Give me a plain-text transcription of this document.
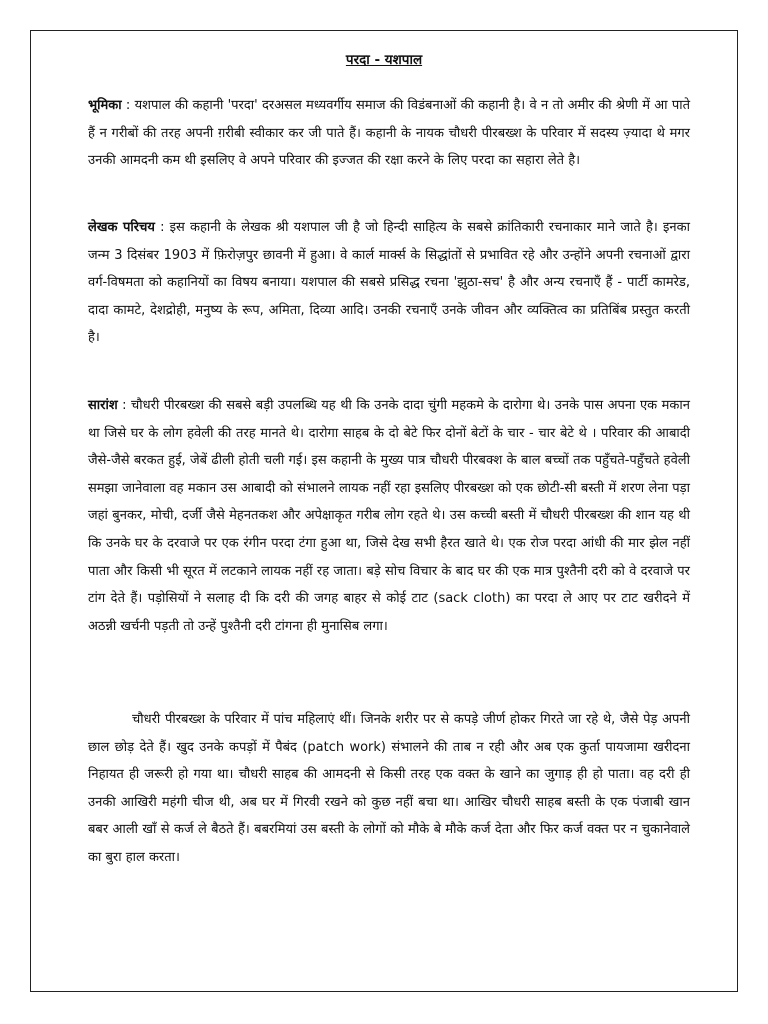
परदा - यशपाल

भूमिका : यशपाल की कहानी 'परदा' दरअसल मध्यवर्गीय समाज की विडंबनाओं की कहानी है। वे न तो अमीर की श्रेणी में आ पाते हैं न गरीबों की तरह अपनी ग़रीबी स्वीकार कर जी पाते हैं। कहानी के नायक चौधरी पीरबख्श के परिवार में सदस्य ज़्यादा थे मगर उनकी आमदनी कम थी इसलिए वे अपने परिवार की इज्जत की रक्षा करने के लिए परदा का सहारा लेते है।

लेखक परिचय : इस कहानी के लेखक श्री यशपाल जी है जो हिन्दी साहित्य के सबसे क्रांतिकारी रचनाकार माने जाते है। इनका जन्म 3 दिसंबर 1903 में फ़िरोज़पुर छावनी में हुआ। वे कार्ल मार्क्स के सिद्धांतों से प्रभावित रहे और उन्होंने अपनी रचनाओं द्वारा वर्ग-विषमता को कहानियों का विषय बनाया। यशपाल की सबसे प्रसिद्ध रचना 'झुठा-सच' है और अन्य रचनाएँ हैं - पार्टी कामरेड, दादा कामटे, देशद्रोही, मनुष्य के रूप, अमिता, दिव्या आदि। उनकी रचनाएँ उनके जीवन और व्यक्तित्व का प्रतिबिंब प्रस्तुत करती है।

सारांश : चौधरी पीरबख्श की सबसे बड़ी उपलब्धि यह थी कि उनके दादा चुंगी महकमे के दारोगा थे। उनके पास अपना एक मकान था जिसे घर के लोग हवेली की तरह मानते थे। दारोगा साहब के दो बेटे फिर दोनों बेटों के चार - चार बेटे थे । परिवार की आबादी जैसे-जैसे बरकत हुई, जेबें ढीली होती चली गई। इस कहानी के मुख्य पात्र चौधरी पीरबक्श के बाल बच्चों तक पहुँचते-पहुँचते हवेली समझा जानेवाला वह मकान उस आबादी को संभालने लायक नहीं रहा इसलिए पीरबख्श को एक छोटी-सी बस्ती में शरण लेना पड़ा जहां बुनकर, मोची, दर्जी जैसे मेहनतकश और अपेक्षाकृत गरीब लोग रहते थे। उस कच्ची बस्ती में चौधरी पीरबख्श की शान यह थी कि उनके घर के दरवाजे पर एक रंगीन परदा टंगा हुआ था, जिसे देख सभी हैरत खाते थे। एक रोज परदा आंधी की मार झेल नहीं पाता और किसी भी सूरत में लटकाने लायक नहीं रह जाता। बड़े सोच विचार के बाद घर की एक मात्र पुश्तैनी दरी को वे दरवाजे पर टांग देते हैं। पड़ोसियों ने सलाह दी कि दरी की जगह बाहर से कोई टाट (sack cloth) का परदा ले आए पर टाट खरीदने में अठन्नी खर्चनी पड़ती तो उन्हें पुश्तैनी दरी टांगना ही मुनासिब लगा।

चौधरी पीरबख्श के परिवार में पांच महिलाएं थीं। जिनके शरीर पर से कपड़े जीर्ण होकर गिरते जा रहे थे, जैसे पेड़ अपनी छाल छोड़ देते हैं। खुद उनके कपड़ों में पैबंद (patch work) संभालने की ताब न रही और अब एक कुर्ता पायजामा खरीदना निहायत ही जरूरी हो गया था। चौधरी साहब की आमदनी से किसी तरह एक वक्त के खाने का जुगाड़ ही हो पाता। वह दरी ही उनकी आखिरी महंगी चीज थी, अब घर में गिरवी रखने को कुछ नहीं बचा था। आखिर चौधरी साहब बस्ती के एक पंजाबी खान बबर आली खाँ से कर्ज ले बैठते हैं। बबरमियां उस बस्ती के लोगों को मौके बे मौके कर्ज देता और फिर कर्ज वक्त पर न चुकानेवाले का बुरा हाल करता।
